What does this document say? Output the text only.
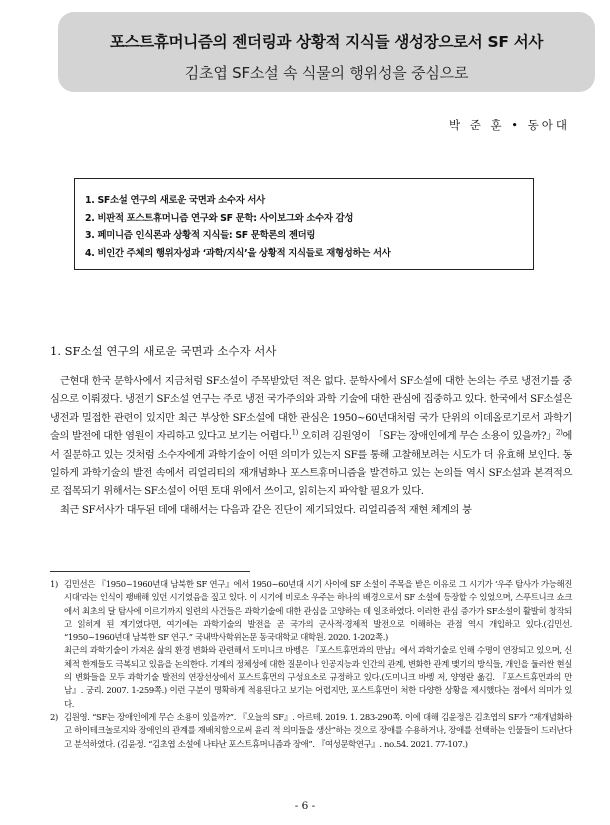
포스트휴머니즘의 젠더링과 상황적 지식들 생성장으로서 SF 서사
김초엽 SF소설 속 식물의 행위성을 중심으로
박 준 훈 • 동아대
1. SF소설 연구의 새로운 국면과 소수자 서사
2. 비판적 포스트휴머니즘 연구와 SF 문학: 사이보그와 소수자 감성
3. 페미니즘 인식론과 상황적 지식들: SF 문학론의 젠더링
4. 비인간 주체의 행위자성과 ‘과학/지식’을 상황적 지식들로 재형성하는 서사
1. SF소설 연구의 새로운 국면과 소수자 서사

근현대 한국 문학사에서 지금처럼 SF소설이 주목받았던 적은 없다. 문학사에서 SF소설에 대한 논의는 주로 냉전기를 중심으로 이뤄졌다. 냉전기 SF소설 연구는 주로 냉전 국가주의와 과학 기술에 대한 관심에 집중하고 있다. 한국에서 SF소설은 냉전과 밀접한 관련이 있지만 최근 부상한 SF소설에 대한 관심은 1950~60년대처럼 국가 단위의 이데올로기로서 과학기술의 발전에 대한 염원이 자리하고 있다고 보기는 어렵다.$^{1)}$ 오히려 김원영이 「SF는 장애인에게 무슨 소용이 있을까?」$^{2)}$에서 질문하고 있는 것처럼 소수자에게 과학기술이 어떤 의미가 있는지 SF를 통해 고찰해보려는 시도가 더 유효해 보인다. 동일하게 과학기술의 발전 속에서 리얼리티의 재개념화나 포스트휴머니즘을 발견하고 있는 논의들 역시 SF소설과 본격적으로 접목되기 위해서는 SF소설이 어떤 토대 위에서 쓰이고, 읽히는지 파악할 필요가 있다.

최근 SF서사가 대두된 데에 대해서는 다음과 같은 진단이 제기되었다. 리얼리즘적 재현 체계의 붕

1) 김민선은 『1950~1960년대 남북한 SF 연구』에서 1950~60년대 시기 사이에 SF 소설이 주목을 받은 이유로 그 시기가 ‘우주 탐사가 가능해진 시대’라는 인식이 팽배해 있던 시기였음을 짚고 있다. 이 시기에 비로소 우주는 하나의 배경으로서 SF 소설에 등장할 수 있었으며, 스푸트니크 쇼크에서 최초의 달 탐사에 이르기까지 일련의 사건들은 과학기술에 대한 관심을 고양하는 데 일조하였다. 이러한 관심 증가가 SF소설이 활발히 창작되고 읽히게 된 계기였다면, 여기에는 과학기술의 발전을 곧 국가의 군사적·경제적 발전으로 이해하는 관점 역시 개입하고 있다.(김민선. “1950~1960년대 남북한 SF 연구.” 국내박사학위논문 동국대학교 대학원. 2020. 1-202쪽.)

최근의 과학기술이 가져온 삶의 환경 변화와 관련해서 도미니크 바벵은 『포스트휴먼과의 만남』에서 과학기술로 인해 수명이 연장되고 있으며, 신체적 한계들도 극복되고 있음을 논의한다. 기계의 정체성에 대한 질문이나 인공지능과 인간의 관계, 변화한 관계 맺기의 방식들, 개인을 둘러싼 현실의 변화들을 모두 과학기술 발전의 연장선상에서 포스트휴먼의 구성요소로 규정하고 있다.(도미니크 바벵 저, 양영란 옮김. 『포스트휴먼과의 만남』. 궁리. 2007. 1-259쪽.) 이런 구분이 명확하게 적용된다고 보기는 어렵지만, 포스트휴먼이 처한 다양한 상황을 제시했다는 점에서 의미가 있다.

2) 김원영. “SF는 장애인에게 무슨 소용이 있을까?”. 『오늘의 SF』. 아르테. 2019. 1. 283-290쪽. 이에 대해 김윤정은 김초엽의 SF가 “재개념화하고 하이테크놀로지와 장애인의 관계를 재배치함으로써 윤리 적 의미들을 생산”하는 것으로 장애를 수용하거나, 장애를 선택하는 인물들이 드러난다고 분석하였다. (김윤정. “김초엽 소설에 나타난 포스트휴머니즘과 장애”. 『여성문학연구』. no.54. 2021. 77-107.)

- 6 -
